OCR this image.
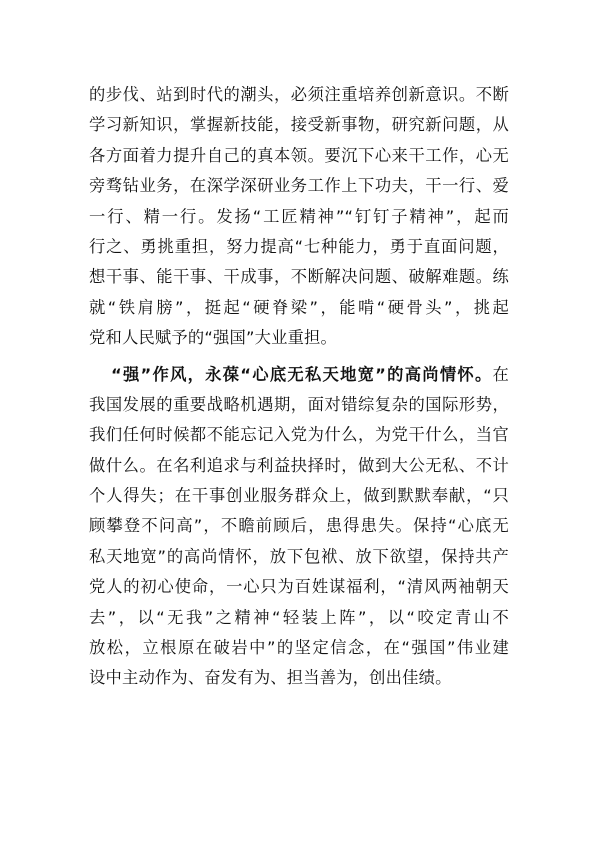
的步伐、站到时代的潮头，必须注重培养创新意识。不断
学习新知识，掌握新技能，接受新事物，研究新问题，从
各方面着力提升自己的真本领。要沉下心来干工作，心无
旁骛钻业务，在深学深研业务工作上下功夫，干一行、爱
一行、精一行。发扬“工匠精神”“钉钉子精神”，起而
行之、勇挑重担，努力提高“七种能力，勇于直面问题，
想干事、能干事、干成事，不断解决问题、破解难题。练
就“铁肩膀”，挺起“硬脊梁”，能啃“硬骨头”，挑起
党和人民赋予的“强国”大业重担。
“强”作风，永葆“心底无私天地宽”的高尚情怀。在
我国发展的重要战略机遇期，面对错综复杂的国际形势，
我们任何时候都不能忘记入党为什么，为党干什么，当官
做什么。在名利追求与利益抉择时，做到大公无私、不计
个人得失；在干事创业服务群众上，做到默默奉献，“只
顾攀登不问高”，不瞻前顾后，患得患失。保持“心底无
私天地宽”的高尚情怀，放下包袱、放下欲望，保持共产
党人的初心使命，一心只为百姓谋福利，“清风两袖朝天
去”，以“无我”之精神“轻装上阵”，以“咬定青山不
放松，立根原在破岩中”的坚定信念，在“强国”伟业建
设中主动作为、奋发有为、担当善为，创出佳绩。
